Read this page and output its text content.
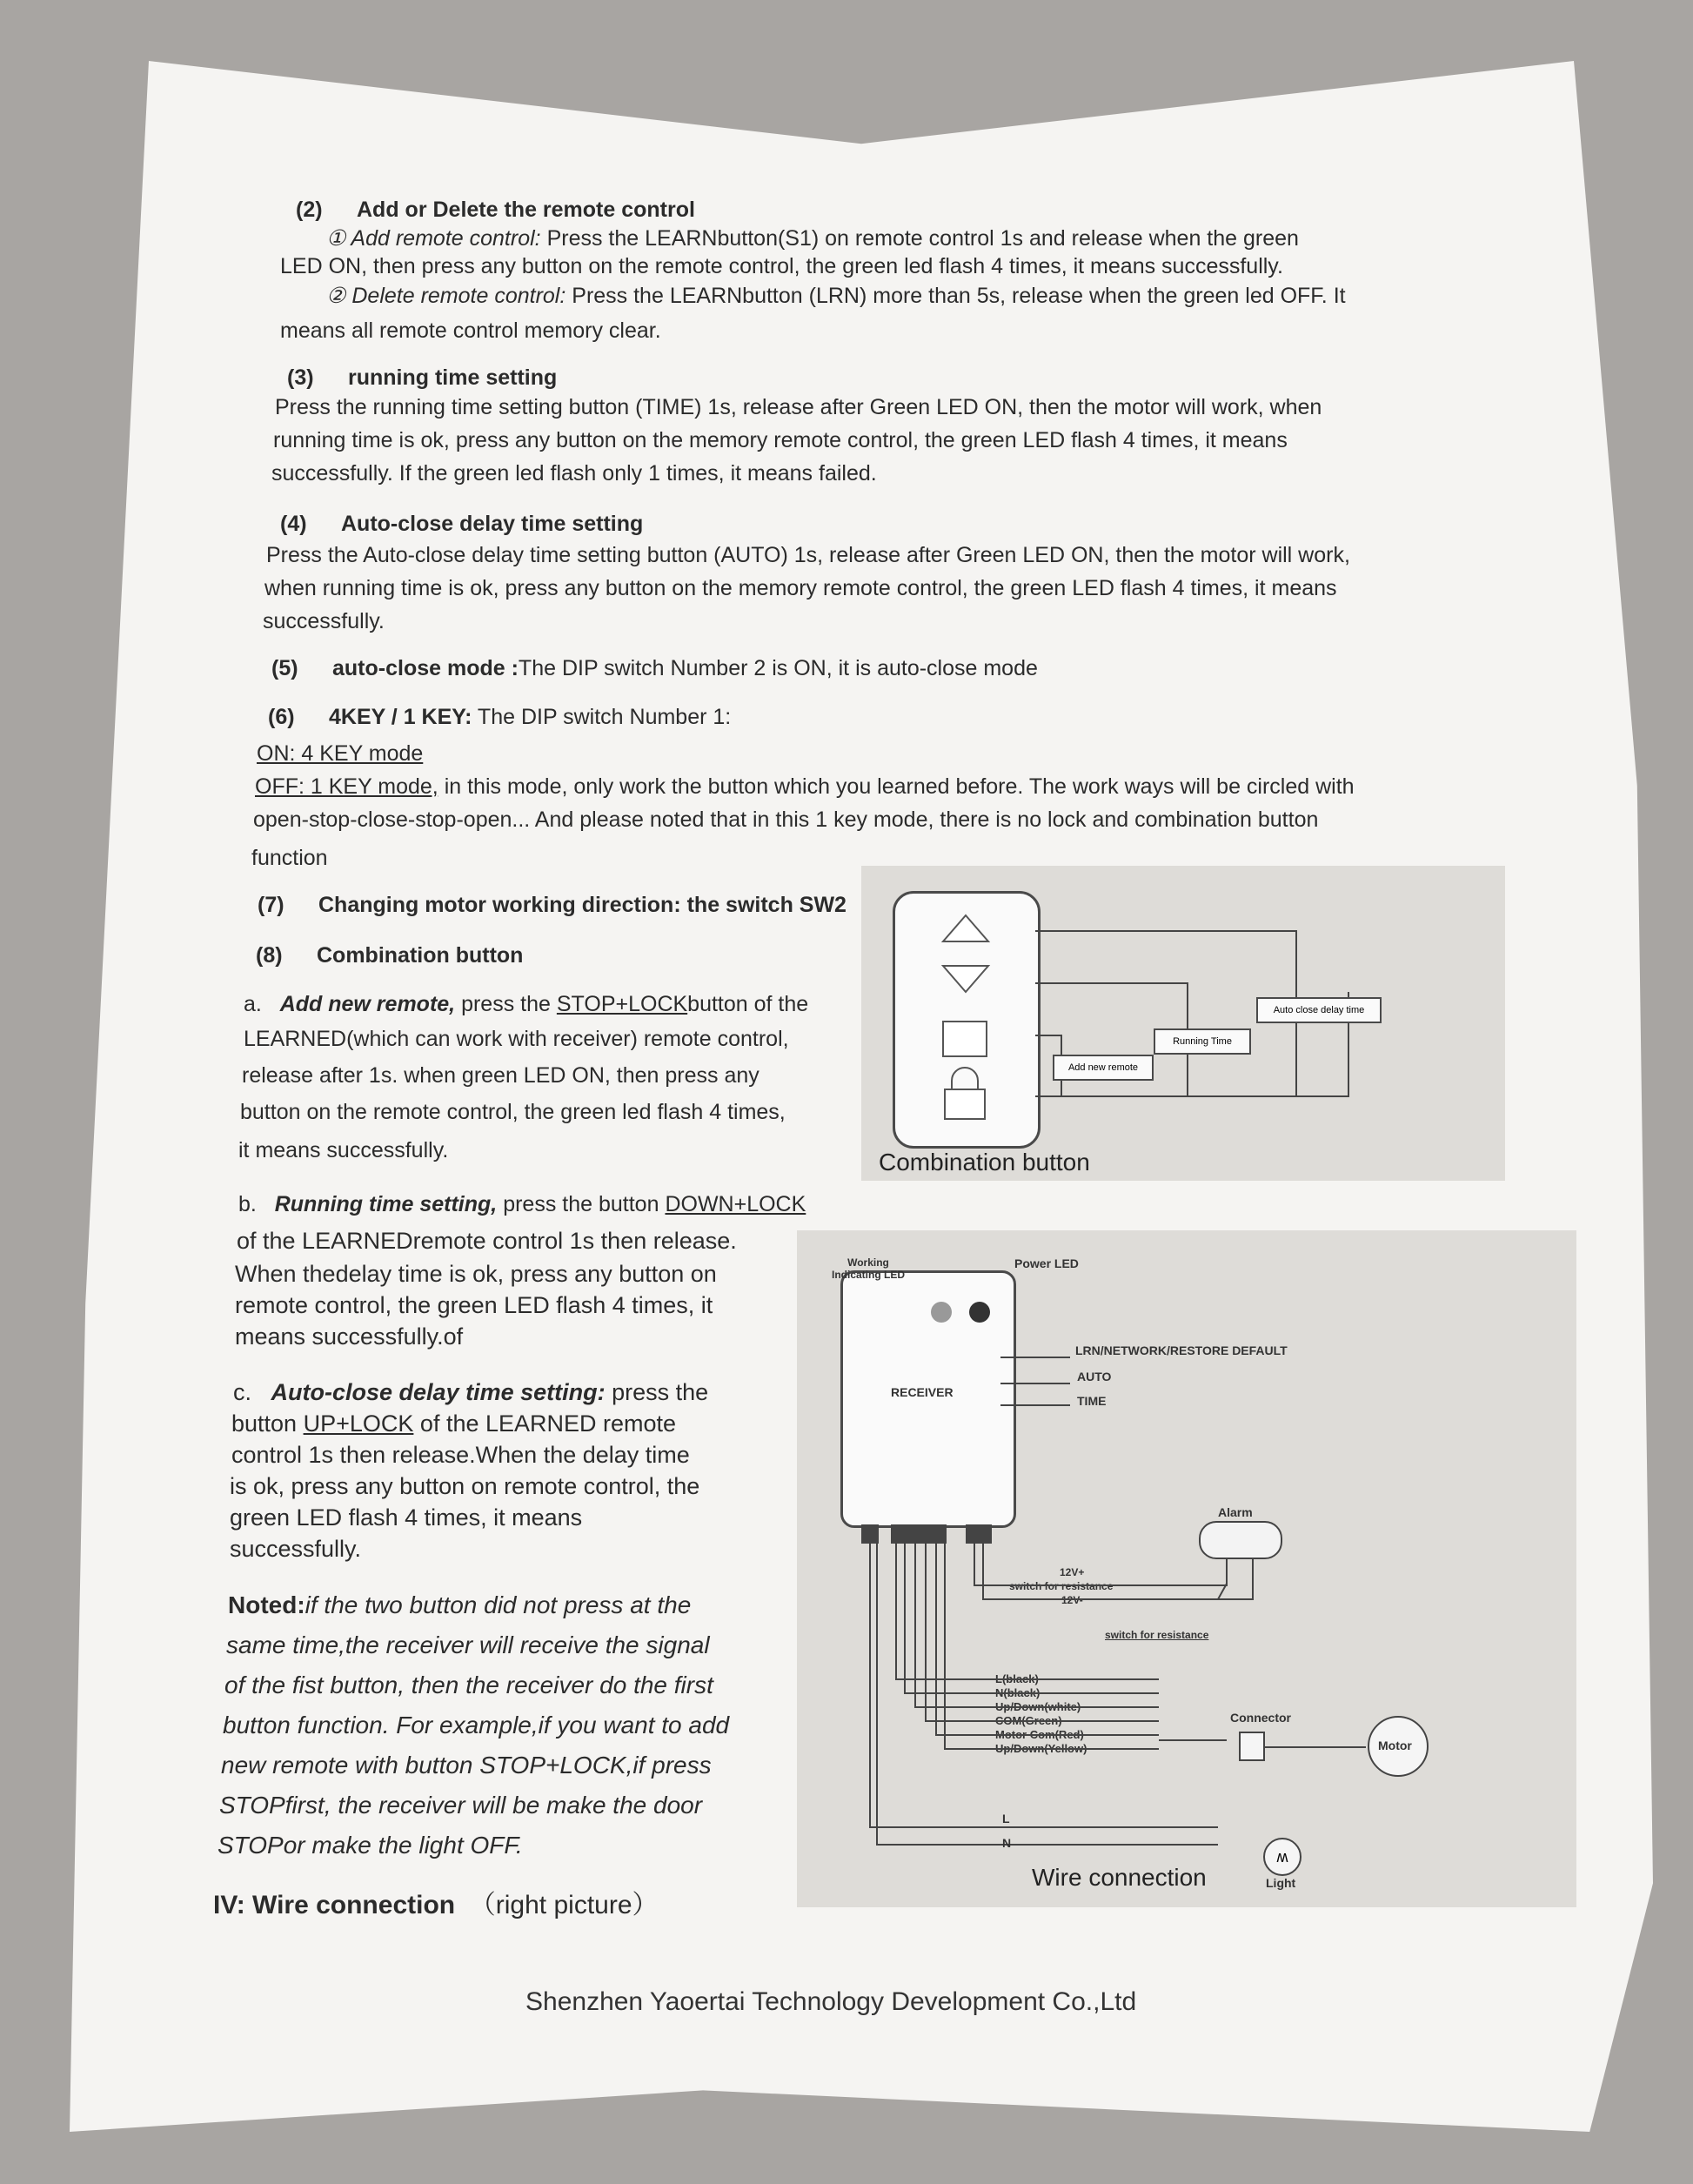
(2) Add or Delete the remote control
① Add remote control: Press the LEARNbutton(S1) on remote control 1s and release when the green
LED ON, then press any button on the remote control, the green led flash 4 times, it means successfully.
② Delete remote control: Press the LEARNbutton (LRN) more than 5s, release when the green led OFF. It
means all remote control memory clear.
(3) running time setting
Press the running time setting button (TIME) 1s, release after Green LED ON, then the motor will work, when
running time is ok, press any button on the memory remote control, the green LED flash 4 times, it means
successfully. If the green led flash only 1 times, it means failed.
(4) Auto-close delay time setting
Press the Auto-close delay time setting button (AUTO) 1s, release after Green LED ON, then the motor will work,
when running time is ok, press any button on the memory remote control, the green LED flash 4 times, it means
successfully.
(5) auto-close mode :The DIP switch Number 2 is ON, it is auto-close mode
(6) 4KEY / 1 KEY: The DIP switch Number 1:
ON: 4 KEY mode
OFF: 1 KEY mode, in this mode, only work the button which you learned before. The work ways will be circled with
open-stop-close-stop-open... And please noted that in this 1 key mode, there is no lock and combination button
function
(7) Changing motor working direction: the switch SW2
(8) Combination button
a. Add new remote, press the STOP+LOCKbutton of the
LEARNED(which can work with receiver) remote control,
release after 1s. when green LED ON, then press any
button on the remote control, the green led flash 4 times,
it means successfully.
b. Running time setting, press the button DOWN+LOCK
of the LEARNEDremote control 1s then release.
When thedelay time is ok, press any button on
remote control, the green LED flash 4 times, it
means successfully.of
c. Auto-close delay time setting: press the
button UP+LOCK of the LEARNED remote
control 1s then release.When the delay time
is ok, press any button on remote control, the
green LED flash 4 times, it means
successfully.
Noted:if the two button did not press at the
same time,the receiver will receive the signal
of the fist button, then the receiver do the first
button function. For example,if you want to add
new remote with button STOP+LOCK,if press
STOPfirst, the receiver will be make the door
STOPor make the light OFF.
IV: Wire connection （right picture）
Auto close delay time
Running Time
Add new remote
Combination button
RECEIVER
Working Indicating LED
Power LED
LRN/NETWORK/RESTORE DEFAULT
AUTO
TIME
Alarm
12V+
switch for resistance
12V-
switch for resistance
L(black)
N(black)
Up/Down(white)
COM(Green)
Motor Com(Red)
Up/Down(Yellow)
Connector
Motor
L
N
ʍ
Light
Wire connection
Shenzhen Yaoertai Technology Development Co.,Ltd
